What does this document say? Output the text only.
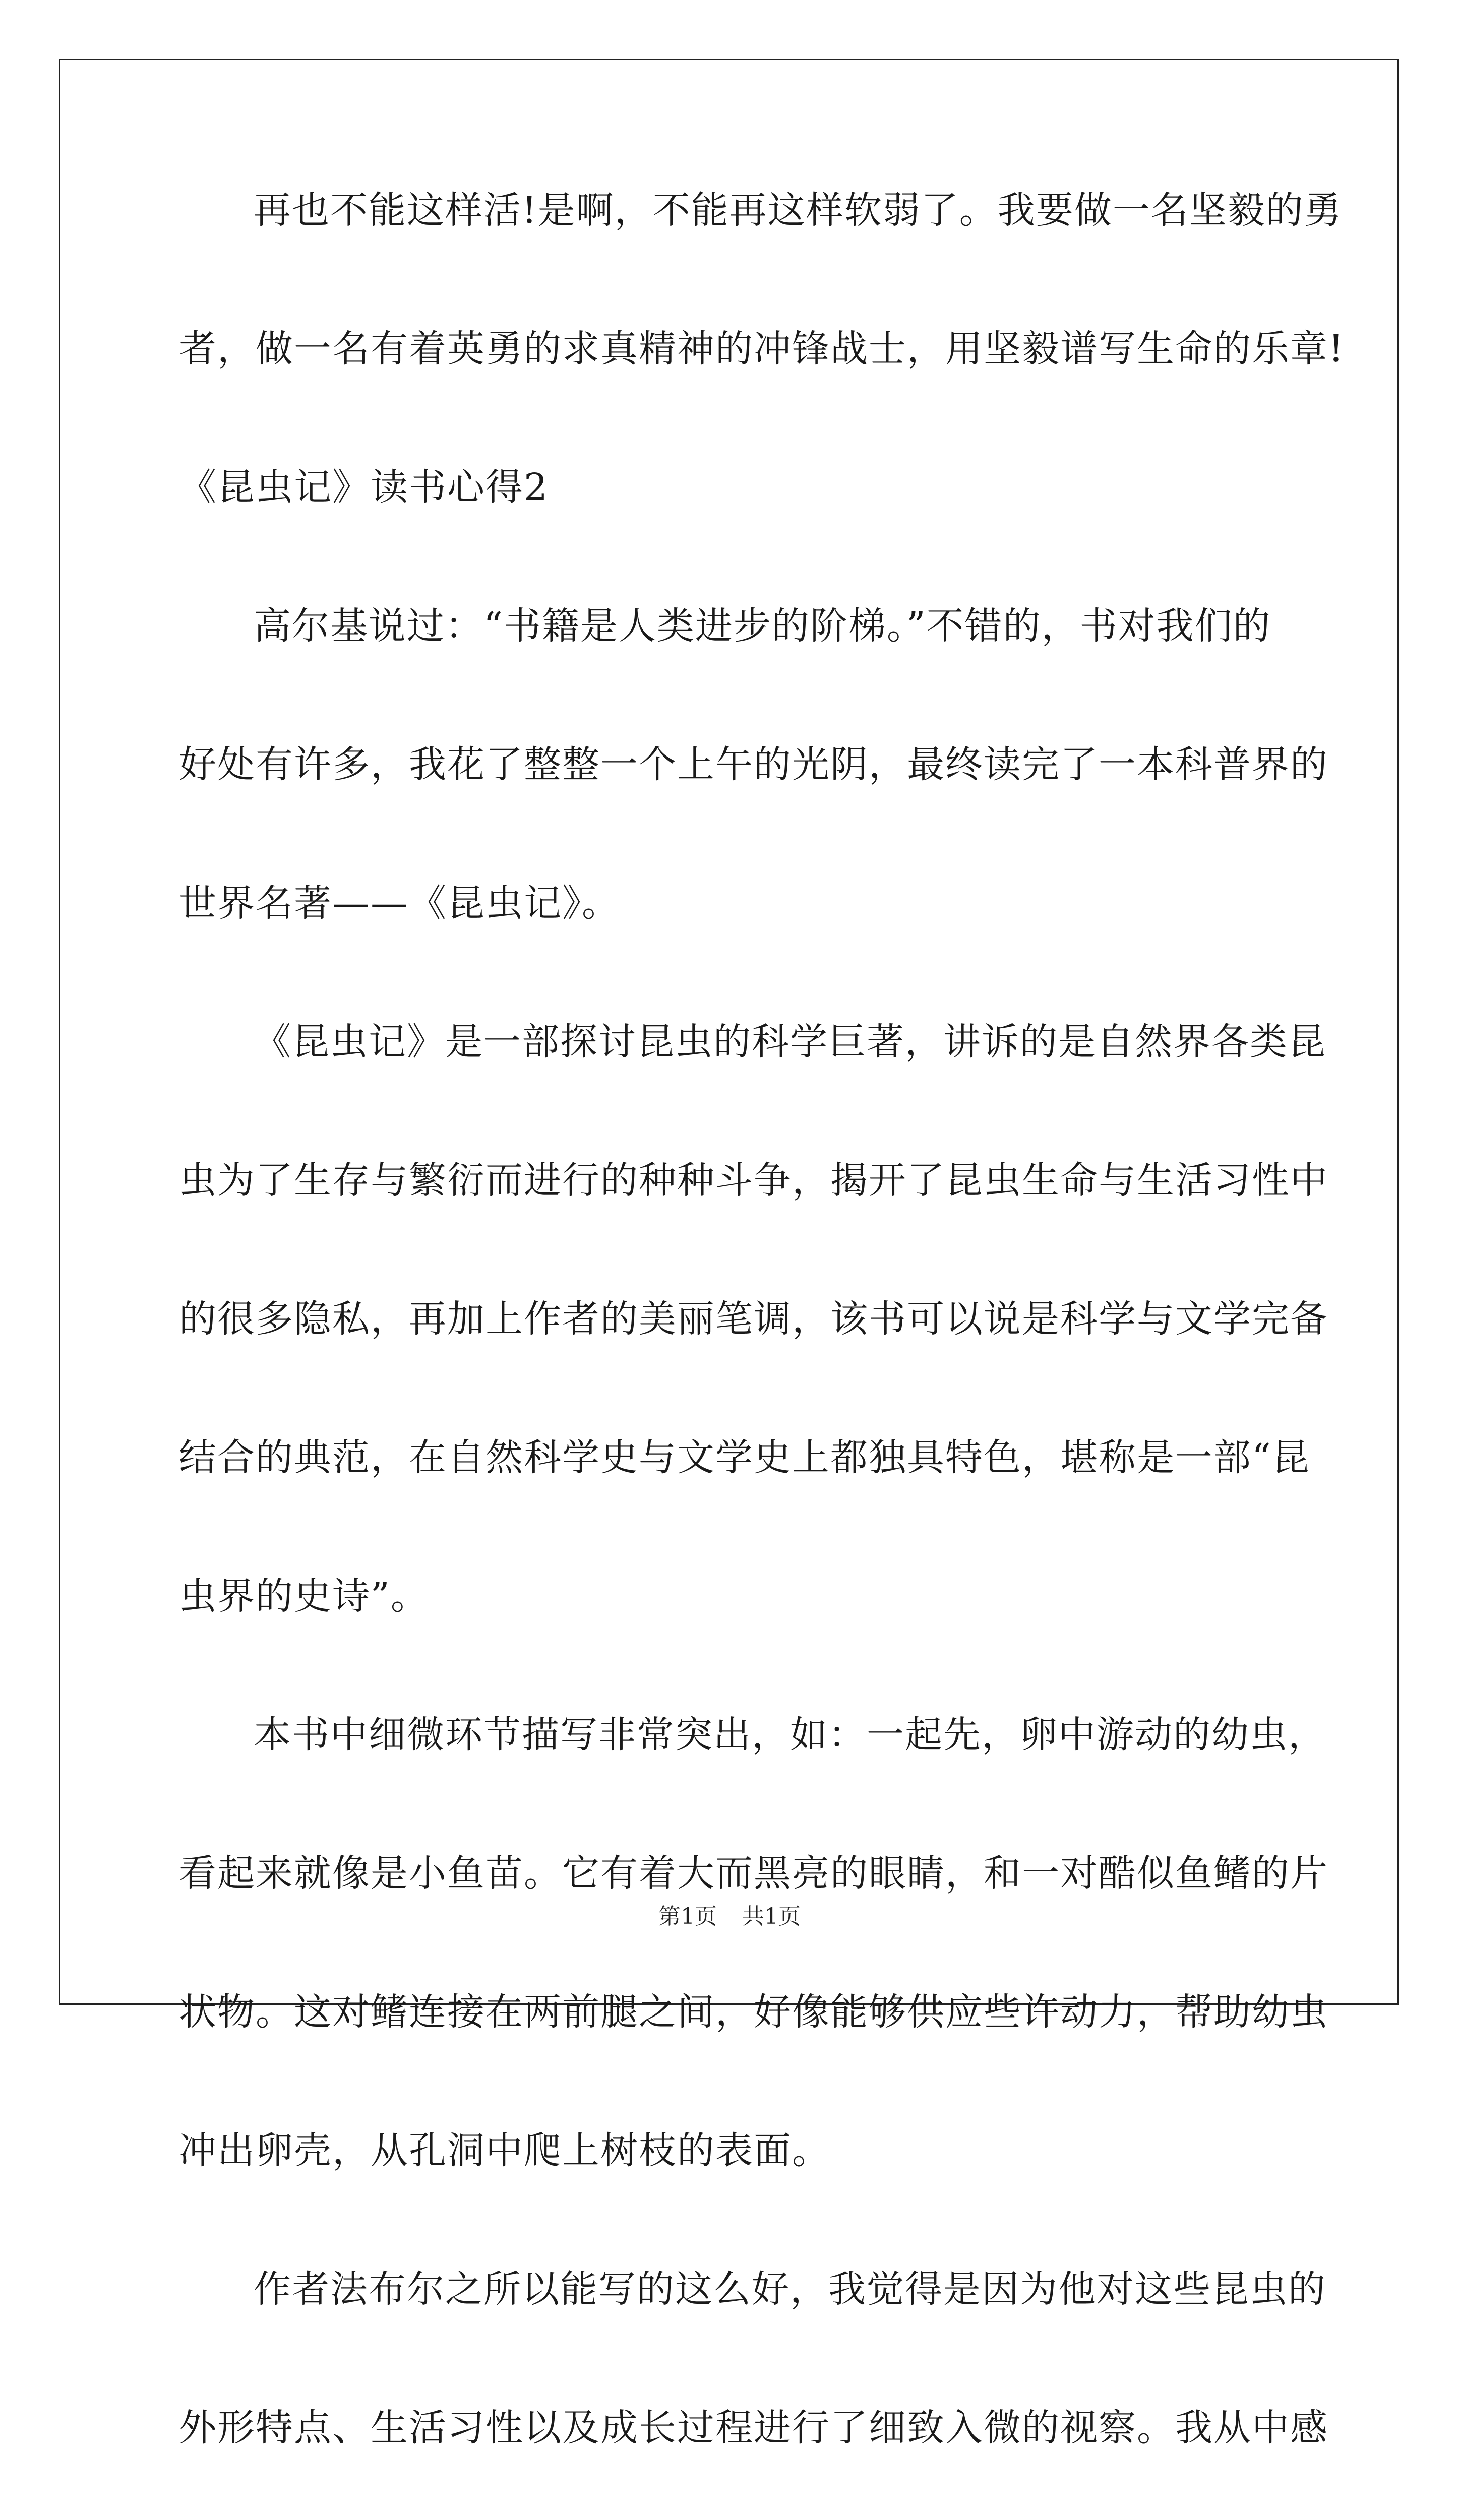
再也不能这样活!是啊，不能再这样软弱了。我要做一名坚毅的勇
者，做一名有着英勇的求真精神的冲锋战士，用坚毅谱写生命的乐章!
《昆虫记》读书心得2
高尔基说过：“书籍是人类进步的阶梯。”不错的，书对我们的
好处有许多，我花了整整一个上午的光阴，最终读完了一本科普界的
世界名著——《昆虫记》。
《昆虫记》是一部探讨昆虫的科学巨著，讲诉的是自然界各类昆
虫为了生存与繁衍而进行的种种斗争，揭开了昆虫生命与生活习性中
的很多隐私，再加上作者的美丽笔调，该书可以说是科学与文学完备
结合的典范，在自然科学史与文学史上都独具特色，堪称是一部“昆
虫界的史诗”。
本书中细微环节描写非常突出，如：一起先，卵中游动的幼虫，
看起来就像是小鱼苗。它有着大而黑亮的眼睛，和一对酷似鱼鳍的片
状物。这对鳍连接在两前腿之间，好像能够供应些许动力，帮助幼虫
冲出卵壳，从孔洞中爬上树枝的表面。
作者法布尔之所以能写的这么好，我觉得是因为他对这些昆虫的
外形特点、生活习性以及成长过程进行了细致入微的视察。我从中感
第1页 共1页
